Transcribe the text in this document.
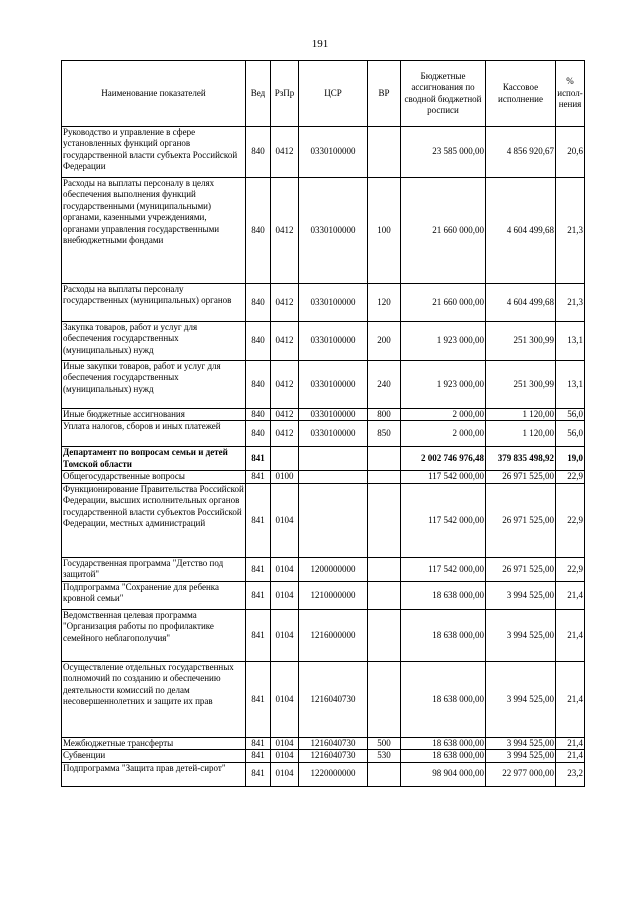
191
Наименование показателей	Вед	РзПр	ЦСР	ВР	Бюджетные ассигнования по сводной бюджетной росписи	Кассовое исполнение	% испол-нения
Руководство и управление в сфере установленных функций органов государственной власти субъекта Российской Федерации	840	0412	0330100000		23 585 000,00	4 856 920,67	20,6
Расходы на выплаты персоналу в целях обеспечения выполнения функций государственными (муниципальными) органами, казенными учреждениями, органами управления государственными внебюджетными фондами	840	0412	0330100000	100	21 660 000,00	4 604 499,68	21,3
Расходы на выплаты персоналу государственных (муниципальных) органов	840	0412	0330100000	120	21 660 000,00	4 604 499,68	21,3
Закупка товаров, работ и услуг для обеспечения государственных (муниципальных) нужд	840	0412	0330100000	200	1 923 000,00	251 300,99	13,1
Иные закупки товаров, работ и услуг для обеспечения государственных (муниципальных) нужд	840	0412	0330100000	240	1 923 000,00	251 300,99	13,1
Иные бюджетные ассигнования	840	0412	0330100000	800	2 000,00	1 120,00	56,0
Уплата налогов, сборов и иных платежей	840	0412	0330100000	850	2 000,00	1 120,00	56,0
Департамент по вопросам семьи и детей Томской области	841				2 002 746 976,48	379 835 498,92	19,0
Общегосударственные вопросы	841	0100			117 542 000,00	26 971 525,00	22,9
Функционирование Правительства Российской Федерации, высших исполнительных органов государственной власти субъектов Российской Федерации, местных администраций	841	0104			117 542 000,00	26 971 525,00	22,9
Государственная программа "Детство под защитой"	841	0104	1200000000		117 542 000,00	26 971 525,00	22,9
Подпрограмма "Сохранение для ребенка кровной семьи"	841	0104	1210000000		18 638 000,00	3 994 525,00	21,4
Ведомственная целевая программа "Организация работы по профилактике семейного неблагополучия"	841	0104	1216000000		18 638 000,00	3 994 525,00	21,4
Осуществление отдельных государственных полномочий по созданию и обеспечению деятельности комиссий по делам несовершеннолетних и защите их прав	841	0104	1216040730		18 638 000,00	3 994 525,00	21,4
Межбюджетные трансферты	841	0104	1216040730	500	18 638 000,00	3 994 525,00	21,4
Субвенции	841	0104	1216040730	530	18 638 000,00	3 994 525,00	21,4
Подпрограмма "Защита прав детей-сирот"	841	0104	1220000000		98 904 000,00	22 977 000,00	23,2
